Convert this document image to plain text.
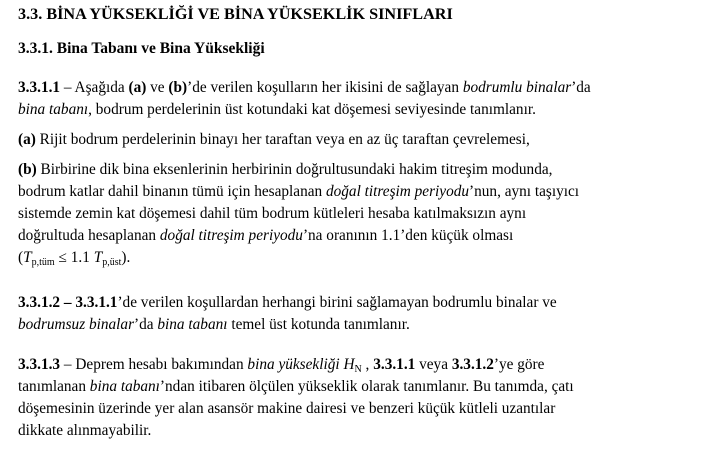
3.3. BİNA YÜKSEKLİĞİ VE BİNA YÜKSEKLİK SINIFLARI
3.3.1. Bina Tabanı ve Bina Yüksekliği
3.3.1.1 – Aşağıda (a) ve (b)’de verilen koşulların her ikisini de sağlayan bodrumlu binalar’da
bina tabanı, bodrum perdelerinin üst kotundaki kat döşemesi seviyesinde tanımlanır.
(a) Rijit bodrum perdelerinin binayı her taraftan veya en az üç taraftan çevrelemesi,
(b) Birbirine dik bina eksenlerinin herbirinin doğrultusundaki hakim titreşim modunda,
bodrum katlar dahil binanın tümü için hesaplanan doğal titreşim periyodu’nun, aynı taşıyıcı
sistemde zemin kat döşemesi dahil tüm bodrum kütleleri hesaba katılmaksızın aynı
doğrultuda hesaplanan doğal titreşim periyodu’na oranının 1.1’den küçük olması
($T_{p,tüm} \le 1.1$ $T_{p,üst}$).
3.3.1.2 – 3.3.1.1’de verilen koşullardan herhangi birini sağlamayan bodrumlu binalar ve
bodrumsuz binalar’da bina tabanı temel üst kotunda tanımlanır.
3.3.1.3 – Deprem hesabı bakımından bina yüksekliği $H_N$ , 3.3.1.1 veya 3.3.1.2’ye göre
tanımlanan bina tabanı’ndan itibaren ölçülen yükseklik olarak tanımlanır. Bu tanımda, çatı
döşemesinin üzerinde yer alan asansör makine dairesi ve benzeri küçük kütleli uzantılar
dikkate alınmayabilir.
